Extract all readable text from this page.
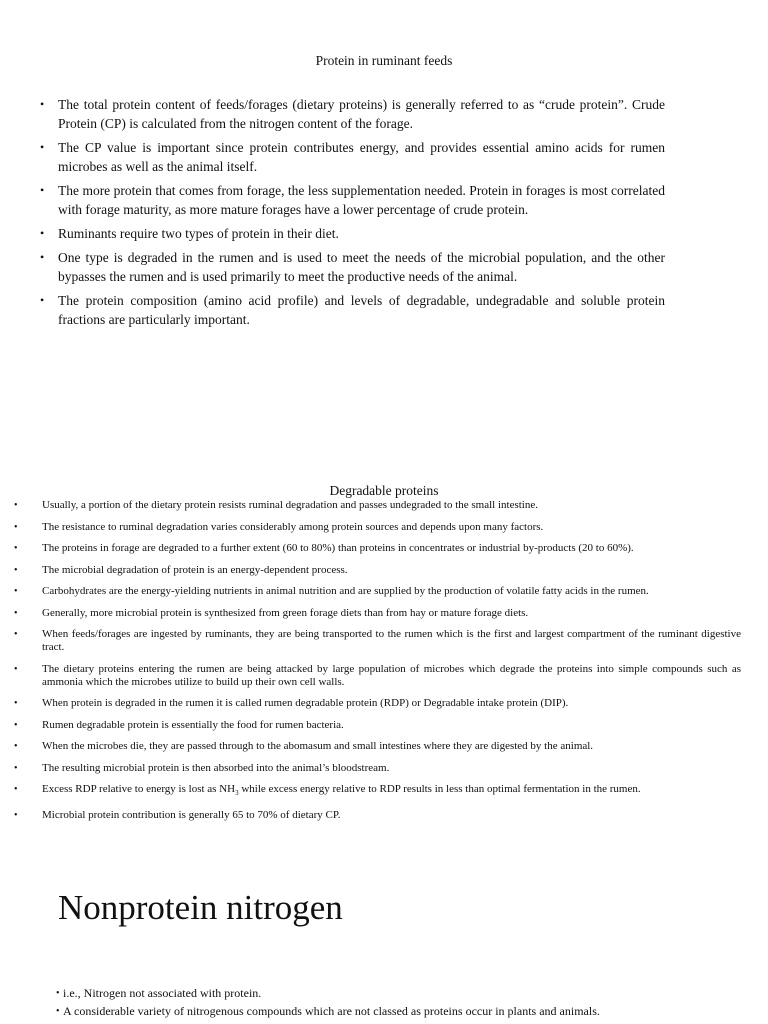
Protein in ruminant feeds
• The total protein content of feeds/forages (dietary proteins) is generally referred to as “crude protein”. Crude Protein (CP) is calculated from the nitrogen content of the forage.
• The CP value is important since protein contributes energy, and provides essential amino acids for rumen microbes as well as the animal itself.
• The more protein that comes from forage, the less supplementation needed. Protein in forages is most correlated with forage maturity, as more mature forages have a lower percentage of crude protein.
• Ruminants require two types of protein in their diet.
• One type is degraded in the rumen and is used to meet the needs of the microbial population, and the other bypasses the rumen and is used primarily to meet the productive needs of the animal.
• The protein composition (amino acid profile) and levels of degradable, undegradable and soluble protein fractions are particularly important.
Degradable proteins
• Usually, a portion of the dietary protein resists ruminal degradation and passes undegraded to the small intestine.
• The resistance to ruminal degradation varies considerably among protein sources and depends upon many factors.
• The proteins in forage are degraded to a further extent (60 to 80%) than proteins in concentrates or industrial by-products (20 to 60%).
• The microbial degradation of protein is an energy-dependent process.
• Carbohydrates are the energy-yielding nutrients in animal nutrition and are supplied by the production of volatile fatty acids in the rumen.
• Generally, more microbial protein is synthesized from green forage diets than from hay or mature forage diets.
• When feeds/forages are ingested by ruminants, they are being transported to the rumen which is the first and largest compartment of the ruminant digestive tract.
• The dietary proteins entering the rumen are being attacked by large population of microbes which degrade the proteins into simple compounds such as ammonia which the microbes utilize to build up their own cell walls.
• When protein is degraded in the rumen it is called rumen degradable protein (RDP) or Degradable intake protein (DIP).
• Rumen degradable protein is essentially the food for rumen bacteria.
• When the microbes die, they are passed through to the abomasum and small intestines where they are digested by the animal.
• The resulting microbial protein is then absorbed into the animal’s bloodstream.
• Excess RDP relative to energy is lost as $NH_3$ while excess energy relative to RDP results in less than optimal fermentation in the rumen.
• Microbial protein contribution is generally 65 to 70% of dietary CP.
Nonprotein nitrogen
• i.e., Nitrogen not associated with protein.
• A considerable variety of nitrogenous compounds which are not classed as proteins occur in plants and animals.
